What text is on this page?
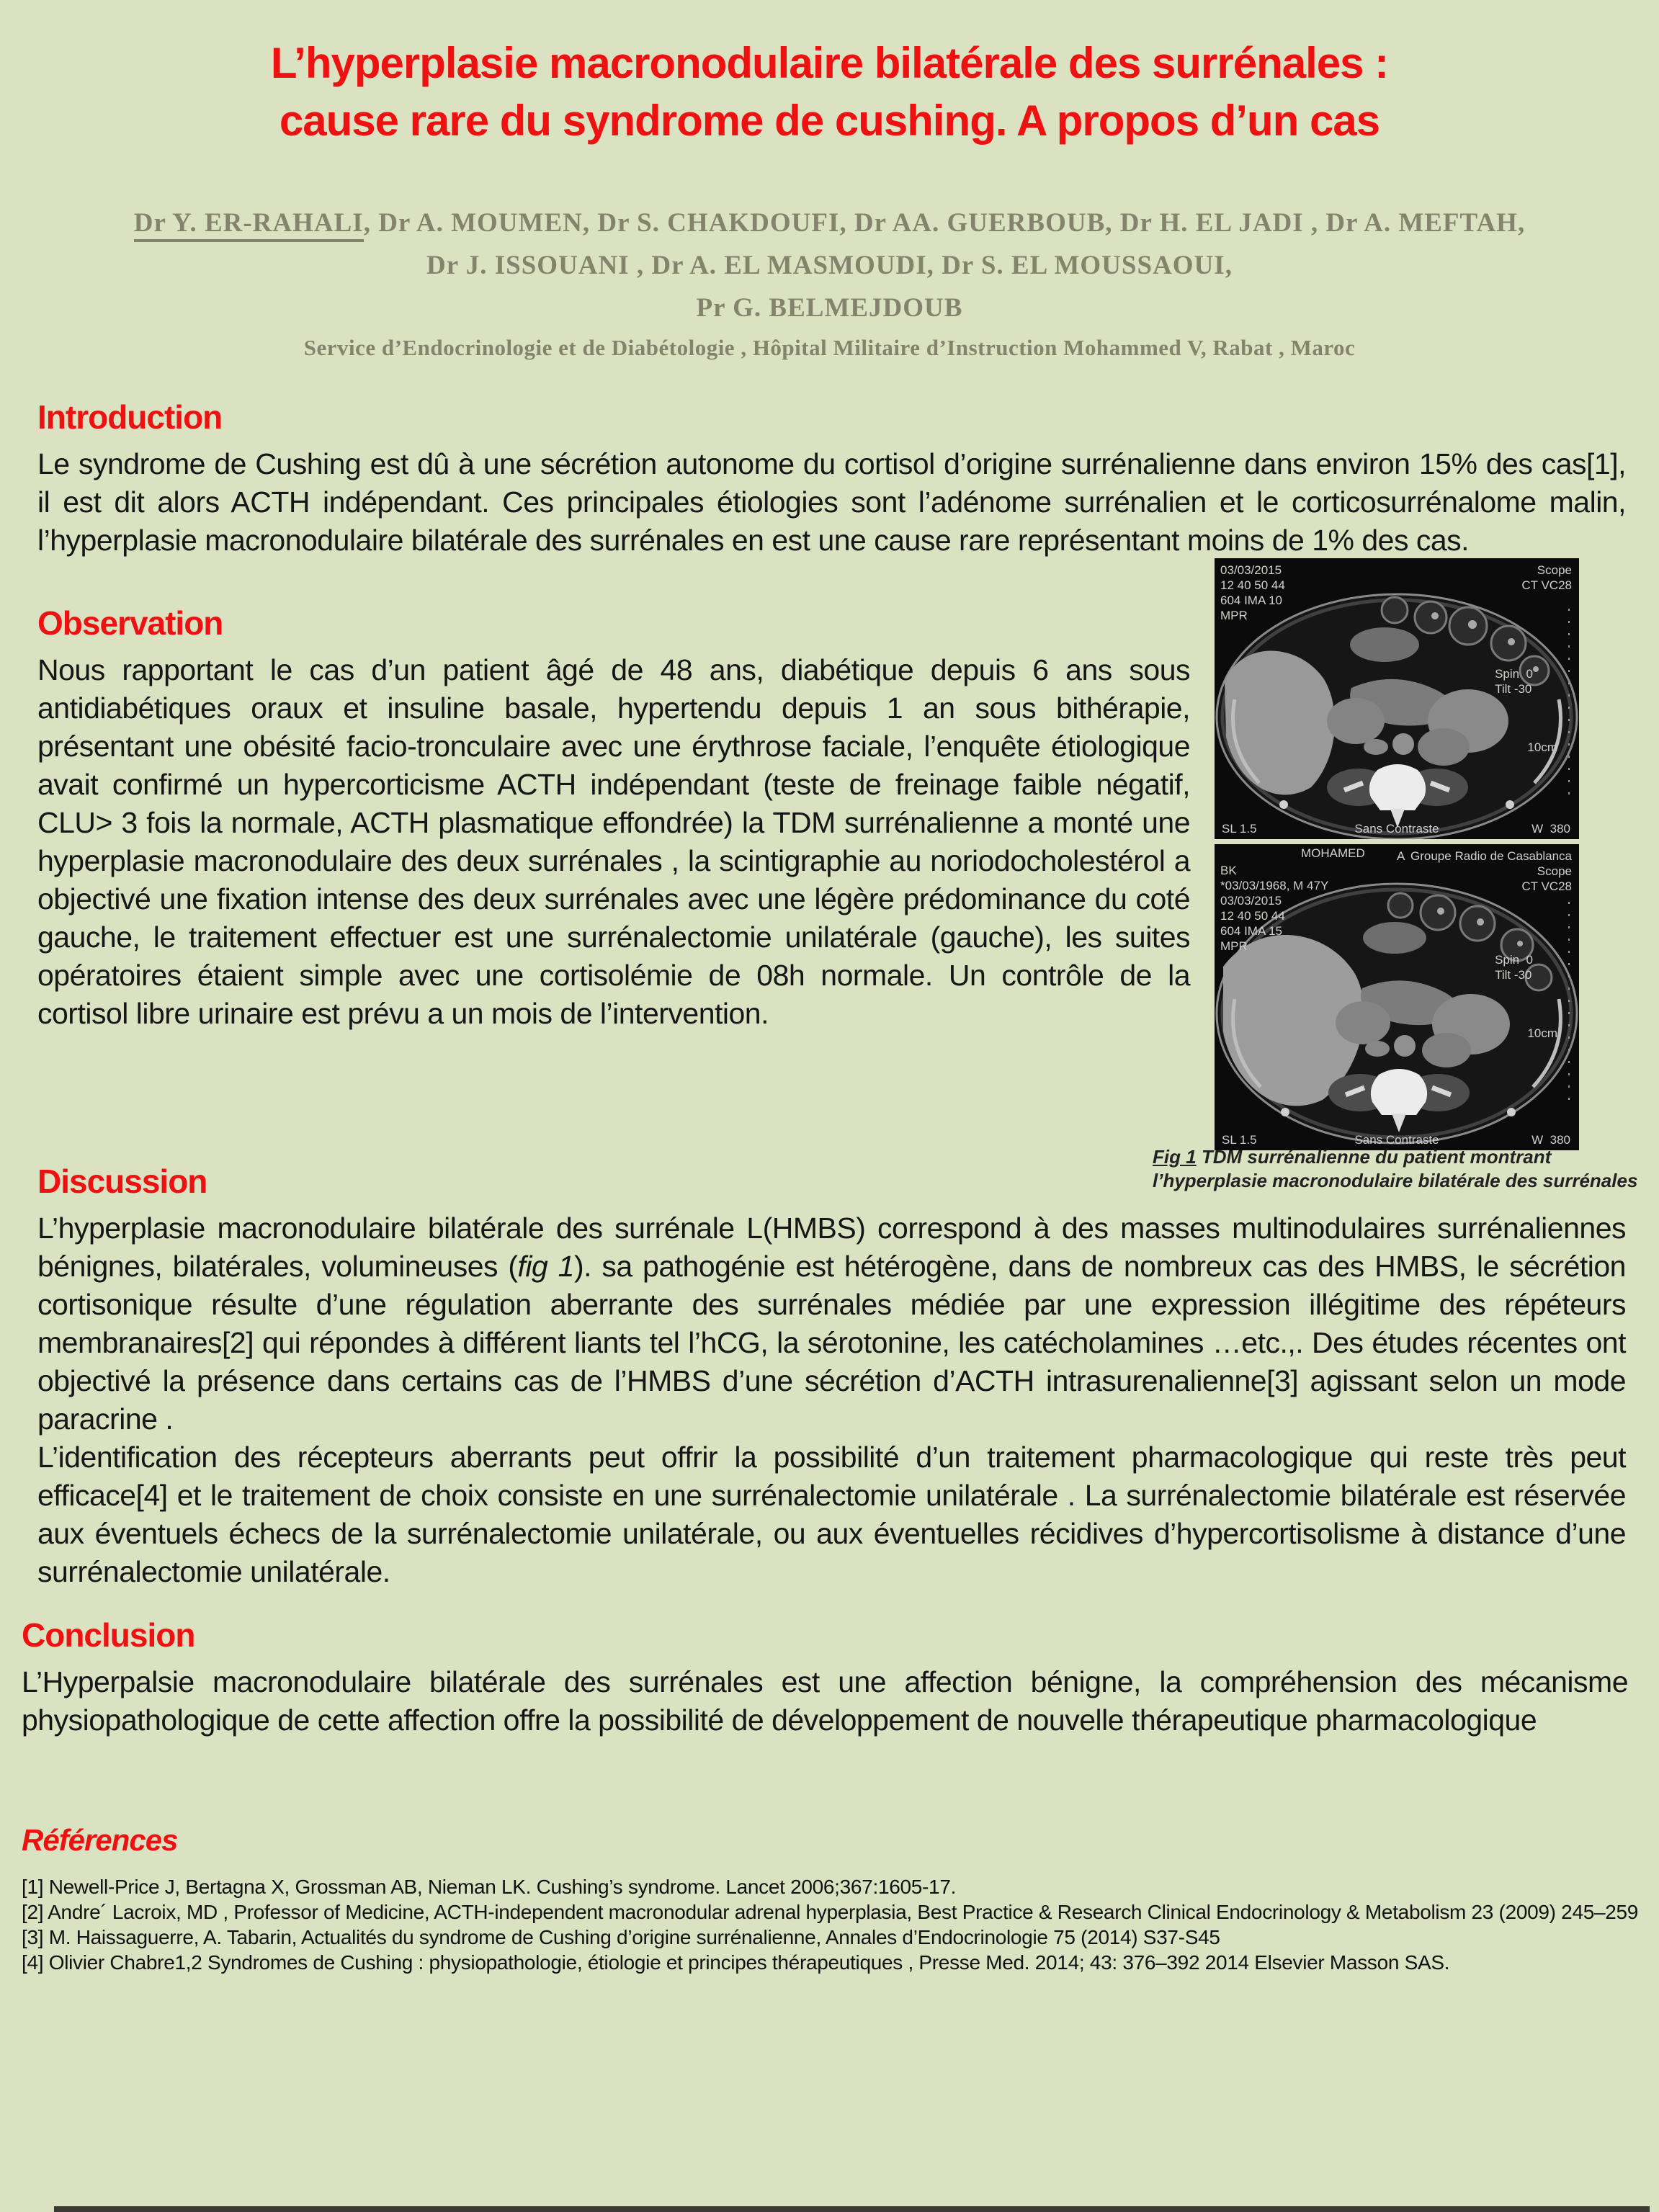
L’hyperplasie macronodulaire bilatérale des surrénales :
cause rare du syndrome de cushing. A propos d’un cas
Dr Y. ER-RAHALI, Dr A. MOUMEN, Dr S. CHAKDOUFI, Dr AA. GUERBOUB, Dr H. EL JADI , Dr A. MEFTAH,
Dr J. ISSOUANI , Dr A. EL MASMOUDI, Dr S. EL MOUSSAOUI,
Pr G. BELMEJDOUB
Service d’Endocrinologie et de Diabétologie , Hôpital Militaire d’Instruction Mohammed V, Rabat , Maroc
Introduction

Le syndrome de Cushing est dû à une sécrétion autonome du cortisol d’origine surrénalienne dans environ 15% des cas[1], il est dit alors ACTH indépendant. Ces principales étiologies sont l’adénome surrénalien et le corticosurrénalome malin, l’hyperplasie macronodulaire bilatérale des surrénales en est une cause rare représentant moins de 1% des cas.

Observation

Nous rapportant le cas d’un patient âgé de 48 ans, diabétique depuis 6 ans sous antidiabétiques oraux et insuline basale, hypertendu depuis 1 an sous bithérapie, présentant une obésité facio-tronculaire avec une érythrose faciale, l’enquête étiologique avait confirmé un hypercorticisme ACTH indépendant (teste de freinage faible négatif, CLU> 3 fois la normale, ACTH plasmatique effondrée) la TDM surrénalienne a monté une hyperplasie macronodulaire des deux surrénales , la scintigraphie au noriodocholestérol a objectivé une fixation intense des deux surrénales avec une légère prédominance du coté gauche, le traitement effectuer est une surrénalectomie unilatérale (gauche), les suites opératoires étaient simple avec une cortisolémie de 08h normale. Un contrôle de la cortisol libre urinaire est prévu a un mois de l’intervention.

03/03/2015
12 40 50 44
604 IMA 10
MPR
Scope
CT VC28
Spin  0
Tilt -30
10cm
SL 1.5	Sans Contraste	W  380
MOHAMED	A Groupe Radio de Casablanca
Scope
CT VC28
BK
*03/03/1968, M 47Y
03/03/2015
12 40 50 44
604 IMA 15
MPR
Spin  0
Tilt -30
10cm
SL 1.5	Sans Contraste	W  380
Fig 1 TDM surrénalienne du patient montrant l’hyperplasie macronodulaire bilatérale des surrénales
Discussion

L’hyperplasie macronodulaire bilatérale des surrénale L(HMBS) correspond à des masses multinodulaires surrénaliennes bénignes, bilatérales, volumineuses (fig 1). sa pathogénie est hétérogène, dans de nombreux cas des HMBS, le sécrétion cortisonique résulte d’une régulation aberrante des surrénales médiée par une expression illégitime des répéteurs membranaires[2] qui répondes à différent liants tel l’hCG, la sérotonine, les catécholamines …etc.,. Des études récentes ont objectivé la présence dans certains cas de l’HMBS d’une sécrétion d’ACTH intrasurenalienne[3] agissant selon un mode paracrine .

L’identification des récepteurs aberrants peut offrir la possibilité d’un traitement pharmacologique qui reste très peut efficace[4] et le traitement de choix consiste en une surrénalectomie unilatérale . La surrénalectomie bilatérale est réservée aux éventuels échecs de la surrénalectomie unilatérale, ou aux éventuelles récidives d’hypercortisolisme à distance d’une surrénalectomie unilatérale.

Conclusion

L’Hyperpalsie macronodulaire bilatérale des surrénales est une affection bénigne, la compréhension des mécanisme physiopathologique de cette affection offre la possibilité de développement de nouvelle thérapeutique pharmacologique

Références
[1] Newell-Price J, Bertagna X, Grossman AB, Nieman LK. Cushing’s syndrome. Lancet 2006;367:1605-17.
[2] Andre´ Lacroix, MD , Professor of Medicine, ACTH-independent macronodular adrenal hyperplasia, Best Practice & Research Clinical Endocrinology & Metabolism 23 (2009) 245–259
[3] M. Haissaguerre, A. Tabarin, Actualités du syndrome de Cushing d’origine surrénalienne, Annales d’Endocrinologie 75 (2014) S37-S45
[4] Olivier Chabre1,2 Syndromes de Cushing : physiopathologie, étiologie et principes thérapeutiques , Presse Med. 2014; 43: 376–392 2014 Elsevier Masson SAS.
